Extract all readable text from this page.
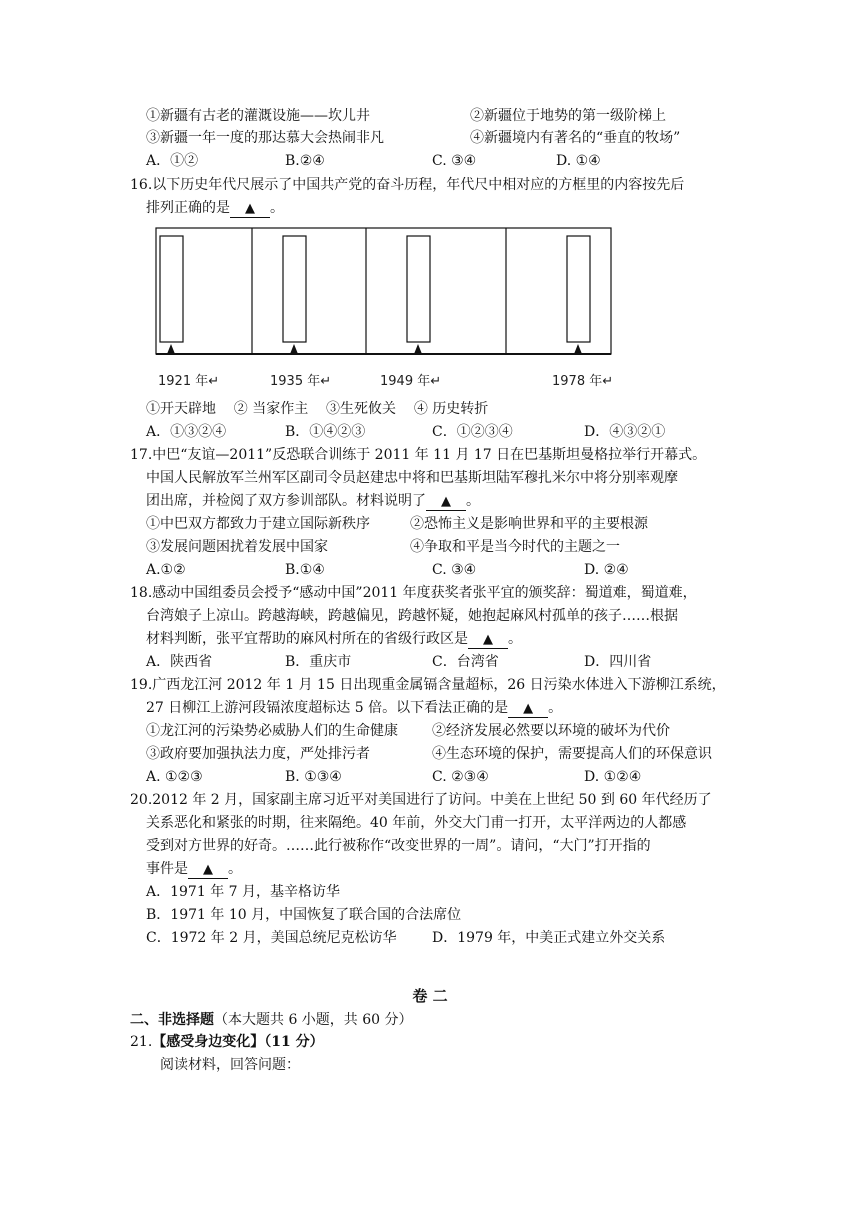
①新疆有古老的灌溉设施——坎儿井	②新疆位于地势的第一级阶梯上
③新疆一年一度的那达慕大会热闹非凡	④新疆境内有著名的“垂直的牧场”
A．①②	B.②④	C. ③④	D. ①④
16.以下历史年代尺展示了中国共产党的奋斗历程，年代尺中相对应的方框里的内容按先后
排列正确的是 ▲ 。
1921 年↵	1935 年↵	1949 年↵	1978 年↵
①开天辟地    ② 当家作主    ③生死攸关    ④ 历史转折
A．①③②④	B．①④②③	C．①②③④	D．④③②①
17.中巴“友谊—2011”反恐联合训练于 2011 年 11 月 17 日在巴基斯坦曼格拉举行开幕式。
中国人民解放军兰州军区副司令员赵建忠中将和巴基斯坦陆军穆扎米尔中将分别率观摩
团出席，并检阅了双方参训部队。材料说明了 ▲ 。
①中巴双方都致力于建立国际新秩序	②恐怖主义是影响世界和平的主要根源
③发展问题困扰着发展中国家	④争取和平是当今时代的主题之一
A.①②	B.①④	C. ③④	D. ②④
18.感动中国组委员会授予“感动中国”2011 年度获奖者张平宜的颁奖辞：蜀道难，蜀道难，
台湾娘子上凉山。跨越海峡，跨越偏见，跨越怀疑，她抱起麻风村孤单的孩子……根据
材料判断，张平宜帮助的麻风村所在的省级行政区是 ▲ 。
A．陕西省	B．重庆市	C．台湾省	D．四川省
19.广西龙江河 2012 年 1 月 15 日出现重金属镉含量超标，26 日污染水体进入下游柳江系统，
27 日柳江上游河段镉浓度超标达 5 倍。以下看法正确的是 ▲ 。
①龙江河的污染势必威胁人们的生命健康 ②经济发展必然要以环境的破坏为代价
③政府要加强执法力度，严处排污者	④生态环境的保护，需要提高人们的环保意识
A. ①②③	B. ①③④	C. ②③④	D. ①②④
20.2012 年 2 月，国家副主席习近平对美国进行了访问。中美在上世纪 50 到 60 年代经历了
关系恶化和紧张的时期，往来隔绝。40 年前，外交大门甫一打开，太平洋两边的人都感
受到对方世界的好奇。……此行被称作“改变世界的一周”。请问，“大门”打开指的
事件是 ▲ 。
A．1971 年 7 月，基辛格访华
B．1971 年 10 月，中国恢复了联合国的合法席位
C．1972 年 2 月，美国总统尼克松访华	D．1979 年，中美正式建立外交关系
卷 二
二、非选择题（本大题共 6 小题，共 60 分）
21.【感受身边变化】（11 分）
阅读材料，回答问题：
